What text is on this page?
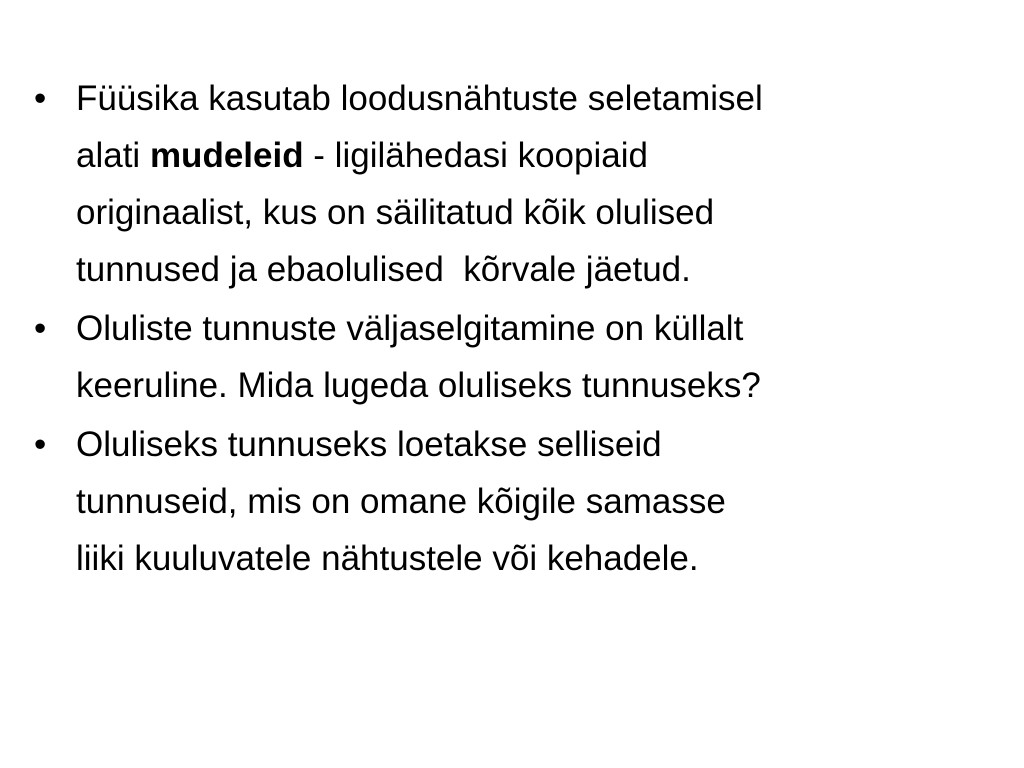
• Füüsika kasutab loodusnähtuste seletamisel
alati mudeleid - ligilähedasi koopiaid
originaalist, kus on säilitatud kõik olulised
tunnused ja ebaolulised  kõrvale jäetud.
• Oluliste tunnuste väljaselgitamine on küllalt
keeruline. Mida lugeda oluliseks tunnuseks?
• Oluliseks tunnuseks loetakse selliseid
tunnuseid, mis on omane kõigile samasse
liiki kuuluvatele nähtustele või kehadele.
